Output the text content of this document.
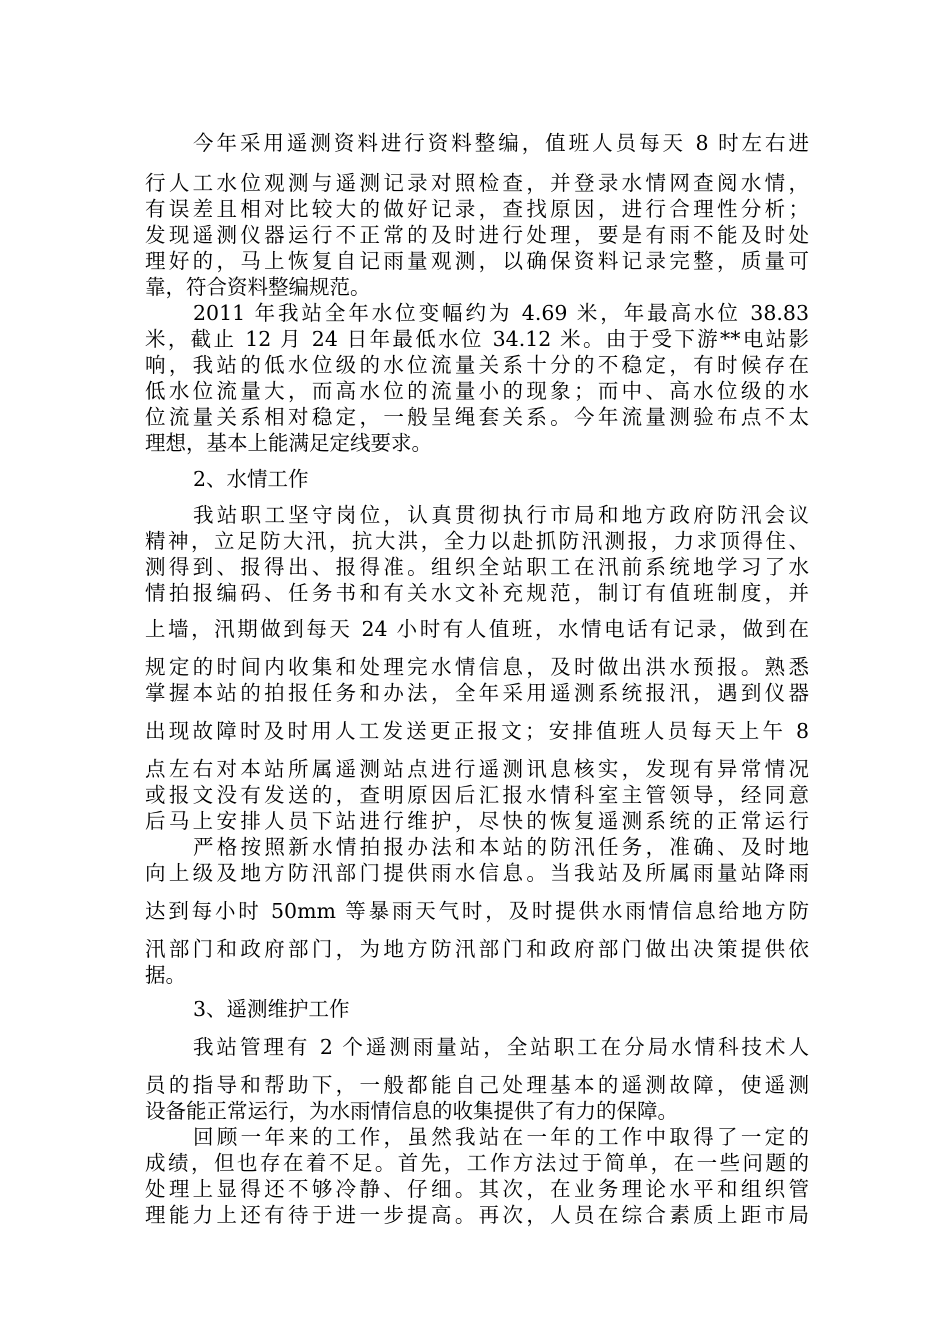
今年采用遥测资料进行资料整编，值班人员每天 8 时左右进

行人工水位观测与遥测记录对照检查，并登录水情网查阅水情，

有误差且相对比较大的做好记录，查找原因，进行合理性分析；

发现遥测仪器运行不正常的及时进行处理，要是有雨不能及时处

理好的，马上恢复自记雨量观测，以确保资料记录完整，质量可

靠，符合资料整编规范。

2011 年我站全年水位变幅约为 4.69 米，年最高水位 38.83

米，截止 12 月 24 日年最低水位 34.12 米。由于受下游**电站影

响，我站的低水位级的水位流量关系十分的不稳定，有时候存在

低水位流量大，而高水位的流量小的现象；而中、高水位级的水

位流量关系相对稳定，一般呈绳套关系。今年流量测验布点不太

理想，基本上能满足定线要求。

2、水情工作

我站职工坚守岗位，认真贯彻执行市局和地方政府防汛会议

精神，立足防大汛，抗大洪，全力以赴抓防汛测报，力求顶得住、

测得到、报得出、报得准。组织全站职工在汛前系统地学习了水

情拍报编码、任务书和有关水文补充规范，制订有值班制度，并

上墙，汛期做到每天 24 小时有人值班，水情电话有记录，做到在

规定的时间内收集和处理完水情信息，及时做出洪水预报。熟悉

掌握本站的拍报任务和办法，全年采用遥测系统报汛，遇到仪器

出现故障时及时用人工发送更正报文；安排值班人员每天上午 8

点左右对本站所属遥测站点进行遥测讯息核实，发现有异常情况

或报文没有发送的，查明原因后汇报水情科室主管领导，经同意

后马上安排人员下站进行维护，尽快的恢复遥测系统的正常运行

严格按照新水情拍报办法和本站的防汛任务，准确、及时地

向上级及地方防汛部门提供雨水信息。当我站及所属雨量站降雨

达到每小时 50mm 等暴雨天气时，及时提供水雨情信息给地方防

汛部门和政府部门，为地方防汛部门和政府部门做出决策提供依

据。

3、遥测维护工作

我站管理有 2 个遥测雨量站，全站职工在分局水情科技术人

员的指导和帮助下，一般都能自己处理基本的遥测故障，使遥测

设备能正常运行，为水雨情信息的收集提供了有力的保障。

回顾一年来的工作，虽然我站在一年的工作中取得了一定的

成绩，但也存在着不足。首先，工作方法过于简单，在一些问题的

处理上显得还不够冷静、仔细。其次，在业务理论水平和组织管

理能力上还有待于进一步提高。再次，人员在综合素质上距市局
